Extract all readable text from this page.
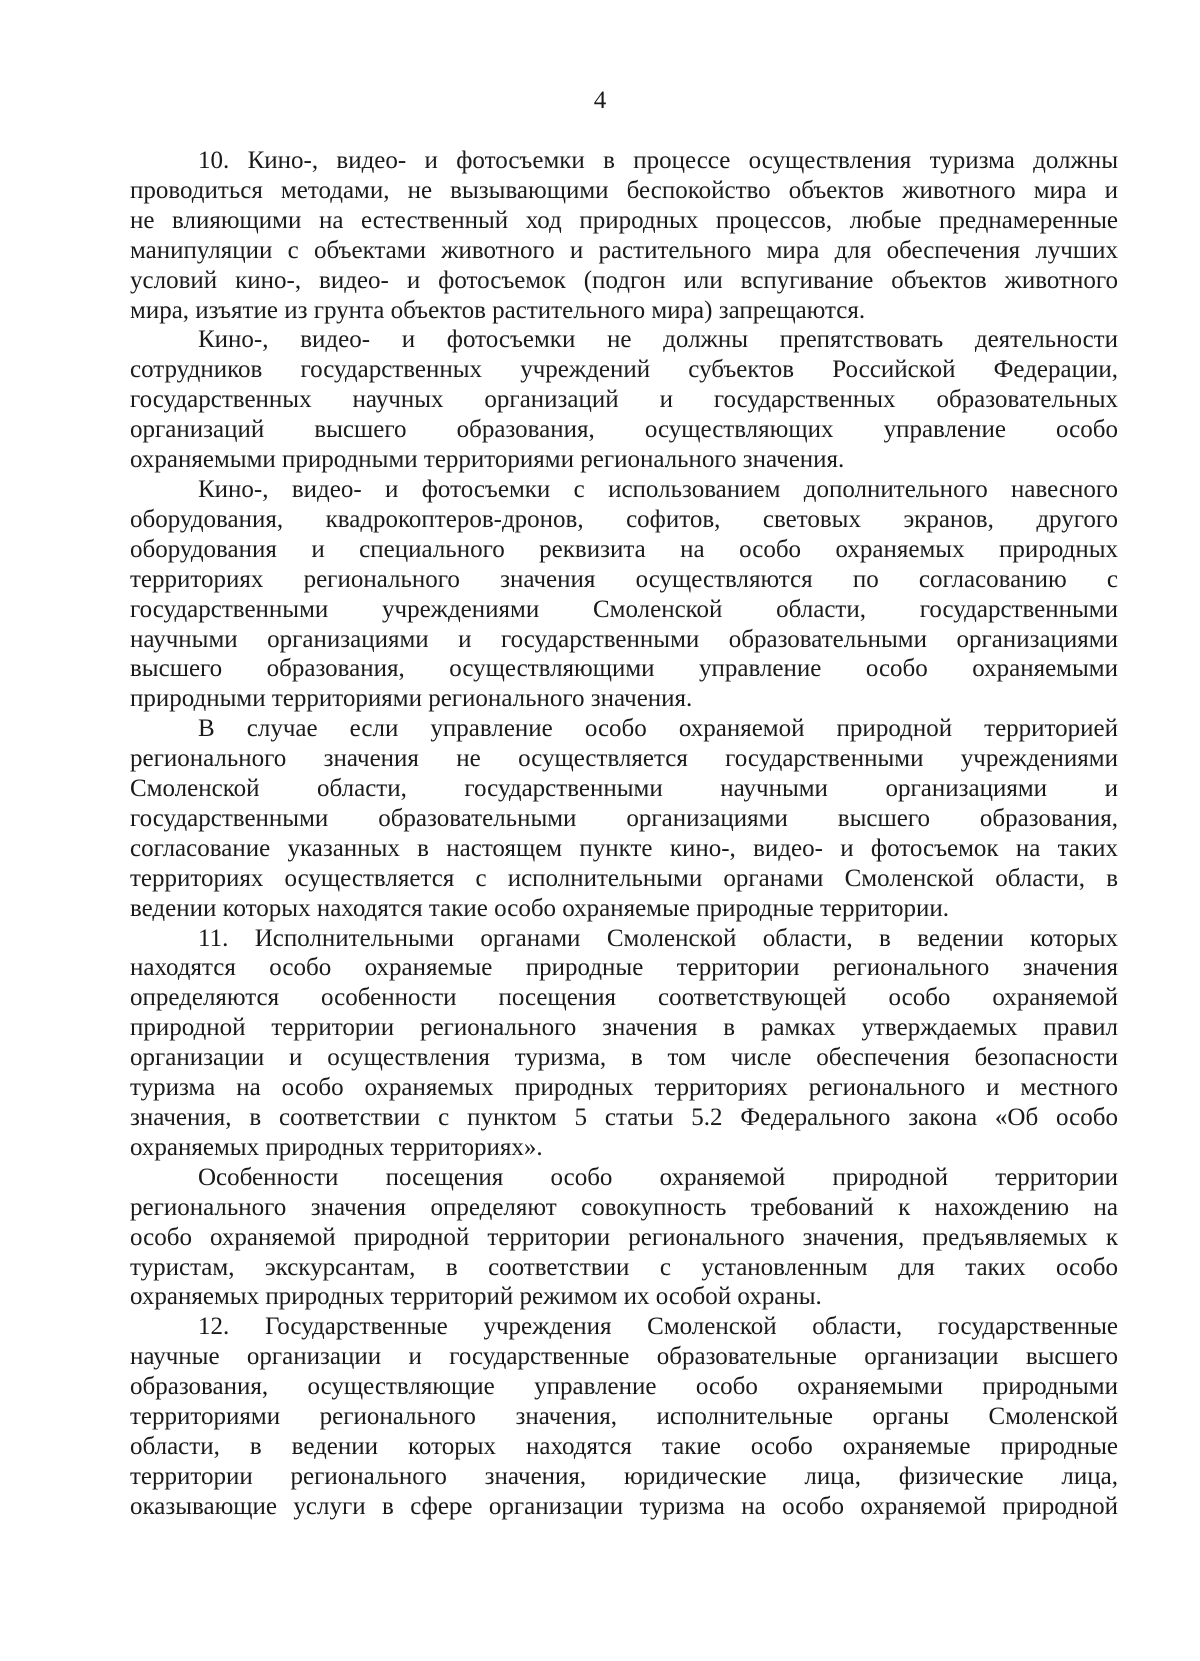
4
10. Кино-, видео- и фотосъемки в процессе осуществления туризма должны
проводиться методами, не вызывающими беспокойство объектов животного мира и
не влияющими на естественный ход природных процессов, любые преднамеренные
манипуляции с объектами животного и растительного мира для обеспечения лучших
условий кино-, видео- и фотосъемок (подгон или вспугивание объектов животного
мира, изъятие из грунта объектов растительного мира) запрещаются.
Кино-, видео- и фотосъемки не должны препятствовать деятельности
сотрудников государственных учреждений субъектов Российской Федерации,
государственных научных организаций и государственных образовательных
организаций высшего образования, осуществляющих управление особо
охраняемыми природными территориями регионального значения.
Кино-, видео- и фотосъемки с использованием дополнительного навесного
оборудования, квадрокоптеров-дронов, софитов, световых экранов, другого
оборудования и специального реквизита на особо охраняемых природных
территориях регионального значения осуществляются по согласованию с
государственными учреждениями Смоленской области, государственными
научными организациями и государственными образовательными организациями
высшего образования, осуществляющими управление особо охраняемыми
природными территориями регионального значения.
В случае если управление особо охраняемой природной территорией
регионального значения не осуществляется государственными учреждениями
Смоленской области, государственными научными организациями и
государственными образовательными организациями высшего образования,
согласование указанных в настоящем пункте кино-, видео- и фотосъемок на таких
территориях осуществляется с исполнительными органами Смоленской области, в
ведении которых находятся такие особо охраняемые природные территории.
11. Исполнительными органами Смоленской области, в ведении которых
находятся особо охраняемые природные территории регионального значения
определяются особенности посещения соответствующей особо охраняемой
природной территории регионального значения в рамках утверждаемых правил
организации и осуществления туризма, в том числе обеспечения безопасности
туризма на особо охраняемых природных территориях регионального и местного
значения, в соответствии с пунктом 5 статьи 5.2 Федерального закона «Об особо
охраняемых природных территориях».
Особенности посещения особо охраняемой природной территории
регионального значения определяют совокупность требований к нахождению на
особо охраняемой природной территории регионального значения, предъявляемых к
туристам, экскурсантам, в соответствии с установленным для таких особо
охраняемых природных территорий режимом их особой охраны.
12. Государственные учреждения Смоленской области, государственные
научные организации и государственные образовательные организации высшего
образования, осуществляющие управление особо охраняемыми природными
территориями регионального значения, исполнительные органы Смоленской
области, в ведении которых находятся такие особо охраняемые природные
территории регионального значения, юридические лица, физические лица,
оказывающие услуги в сфере организации туризма на особо охраняемой природной
